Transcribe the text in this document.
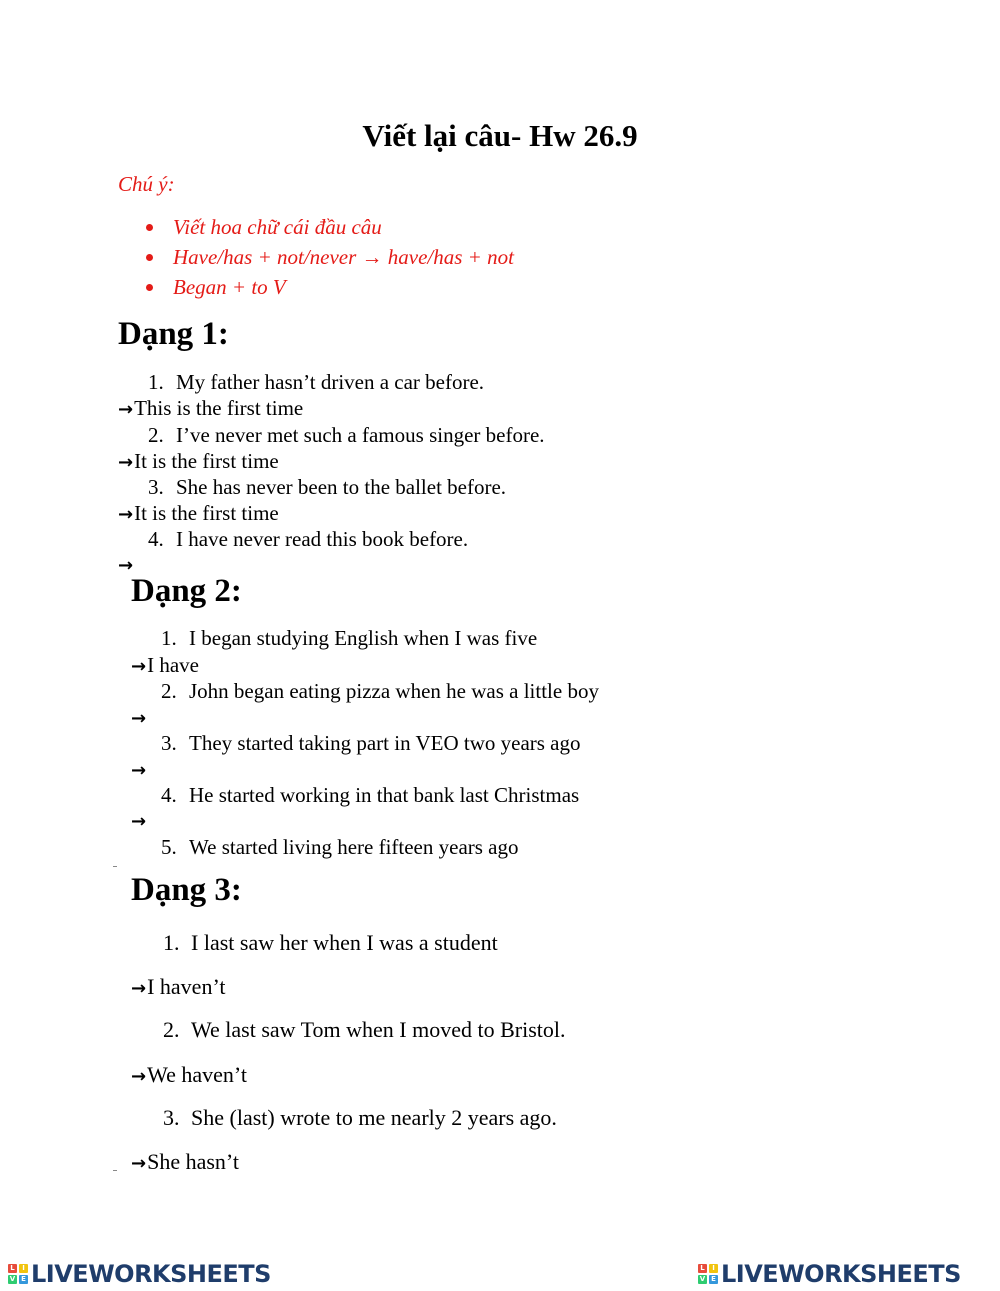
Viết lại câu- Hw 26.9
Chú ý:
Viết hoa chữ cái đầu câu
Have/has + not/never → have/has + not
Began + to V
Dạng 1:
1. My father hasn’t driven a car before.
→This is the first time
2. I’ve never met such a famous singer before.
→It is the first time
3. She has never been to the ballet before.
→It is the first time
4. I have never read this book before.
→
Dạng 2:
1. I began studying English when I was five
→I have
2. John began eating pizza when he was a little boy
→
3. They started taking part in VEO two years ago
→
4. He started working in that bank last Christmas
→
5. We started living here fifteen years ago
Dạng 3:
1. I last saw her when I was a student
→I haven’t
2. We last saw Tom when I moved to Bristol.
→We haven’t
3. She (last) wrote to me nearly 2 years ago.
→She hasn’t
L	I
V E LIVEWORKSHEETS	L	I
V E LIVEWORKSHEETS
